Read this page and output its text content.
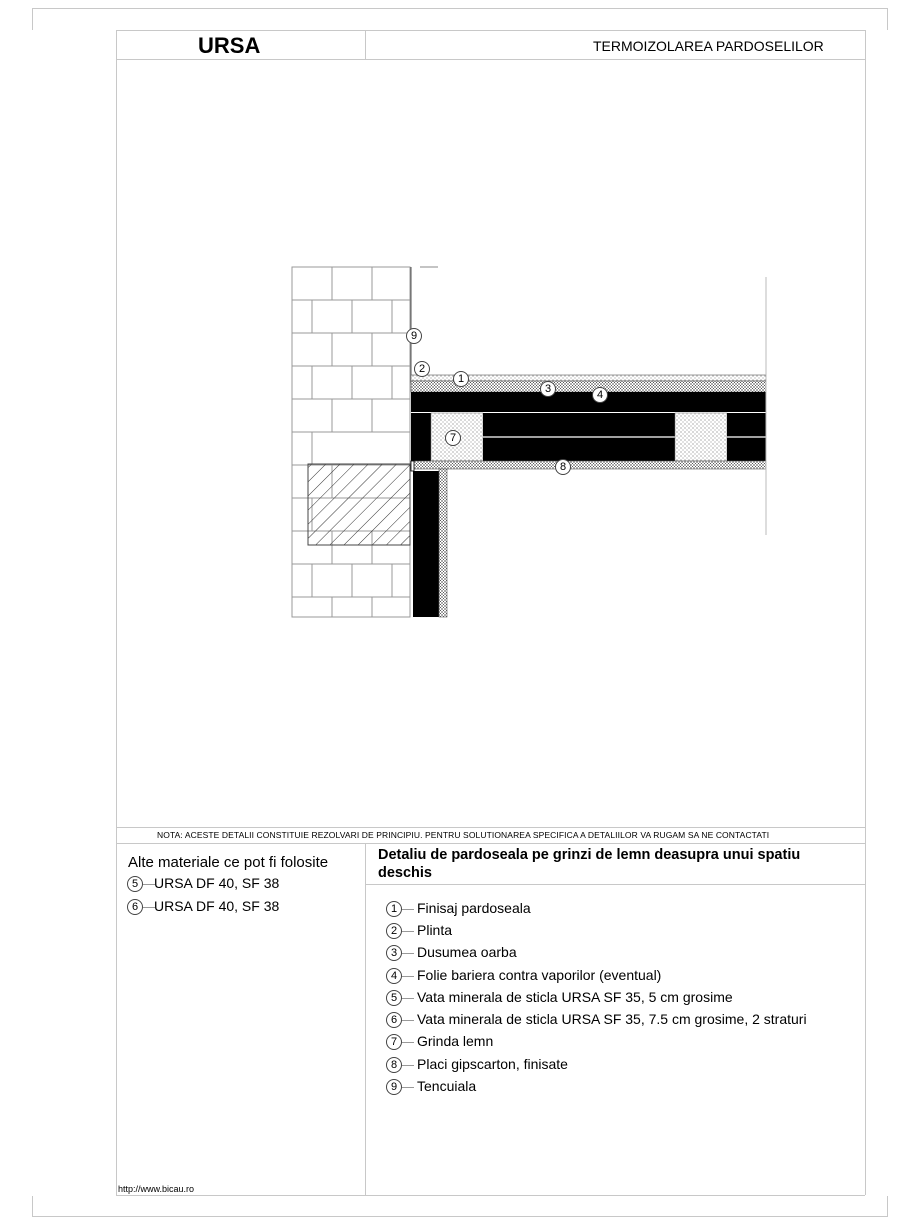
URSA	TERMOIZOLAREA PARDOSELILOR
9
2
1
3	4
7
8
NOTA: ACESTE DETALII CONSTITUIE REZOLVARI DE PRINCIPIU. PENTRU SOLUTIONAREA SPECIFICA A DETALIILOR VA RUGAM SA NE CONTACTATI
Alte materiale ce pot fi folosite
5	URSA DF 40, SF 38
6	URSA DF 40, SF 38
Detaliu de pardoseala pe grinzi de lemn deasupra unui spatiu deschis
1	Finisaj pardoseala
2	Plinta
3	Dusumea oarba
4	Folie bariera contra vaporilor (eventual)
5	Vata minerala de sticla URSA SF 35, 5 cm grosime
6	Vata minerala de sticla URSA SF 35, 7.5 cm grosime, 2 straturi
7	Grinda lemn
8	Placi gipscarton, finisate
9	Tencuiala
http://www.bicau.ro
